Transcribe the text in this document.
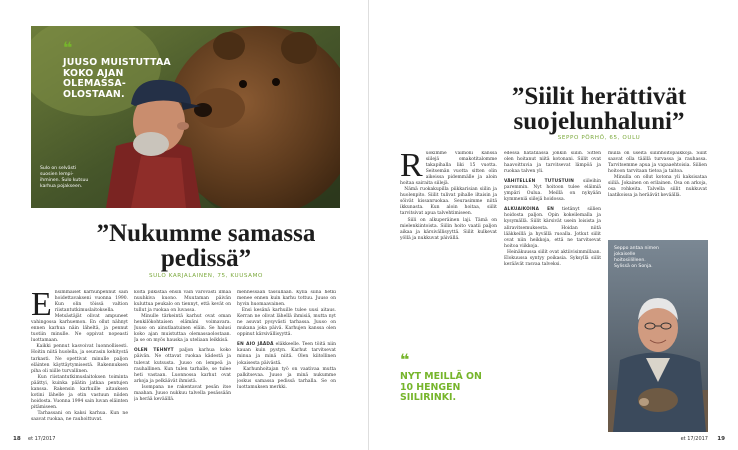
❝
JUUSO MUISTUTTAA KOKO AJAN OLEMASSA-OLOSTAAN.
Sulo on selvästi suosien lempi-ihminen. Sulo kutsuu karhua pojakseen.
”Nukumme samassa pedissä”
SULO KARJALAINEN, 75, KUUSAMO

E nsimmäiset karhunpennut sain hoidettavakseni vuonna 1990. Kun olin töissä valtion riistantutkimuslaitoksella. Metsästäjät olivat ampuneet vahingossa karhuemon. En ollut nähnyt ennen karhua näin läheltä, ja pennut tuotiin minulle. Ne oppivat nopeasti luottamaan.

Kaikki pennut kasvoivat luonnollisesti. Hoitin niitä huolella, ja seurasin kehitystä tarkasti. Ne opettivat minulle paljon eläinten käyttäytymisestä. Rakennuksen piha oli niille turvallinen.

Kun riistantutkimuslaitoksen toiminta päättyi, kuinka päätin jatkaa pentujen kanssa. Rakensin karhuille aitauksen kotini lähelle ja otin vastuun niiden hoidosta. Vuonna 1994 sain luvan eläinten pitämiseen.

Tarhassani on kaksi karhua. Kun ne saavat ruokaa, ne rauhoittuvat.

kolta pilkistää ensin vain varovasti ilmaa nuuhkiva kuono. Muutaman päivän kuluttua peukalo on tiennyt, että kevät on tullut ja ruokaa on luvassa.

Minulle tärkeintä karhut ovat oman henkilökohtaisen elämäni voimavara. Juuso on ainutlaatuinen eläin. Se halusi koko ajan muistuttaa olemassaolostaan. Ja se on myös hauska ja uteliaan leikkisä.

OLEN TEHNYT paljon karhua koko päivän. Ne ottavat ruokaa kädestä ja tulevat kutsusta. Juuso on lempeä ja rauhallinen. Kun tulen tarhalle, se tulee heti vastaan. Luonnossa karhut ovat arkoja ja pelkäävät ihmistä.

Isompana ne rakentavat pesän itse maahan. Juuso nukkuu talvella pesässään ja herää keväällä.

mennessään tassullaan. Kyllä siinä hetki menee ennen kuin karhu tottuu. Juuso on hyvin huomaavainen.

Ensi kesänä karhuille tulee uusi aitaus. Kerran ne olivat lähellä ihmisiä, mutta nyt ne asuvat pysyvästi tarhassa. Juuso on mukana joka päivä. Karhujen kanssa olen oppinut kärsivällisyyttä.

EN AIO JÄÄDÄ eläkkeelle. Teen töitä niin kauan kuin pystyn. Karhut tarvitsevat minua ja minä niitä. Olen kiitollinen jokaisesta päivästä.

Karhunhoitajan työ on vaativaa mutta palkitsevaa. Juuso ja minä nukumme joskus samassa pedissä tarhalla. Se on luottamuksen merkki.

18 et 17/2017
”Siilit herättivät suojelunhaluni”
SEPPO PÖRHÖ, 65, OULU

R uokimme vaimoni kanssa siilejä omakotitalomme takapihalla liki 15 vuotta. Seitsemän vuotta sitten olin aikeissa pidemmälle ja aloin hoitaa sairaita siilejä.

Nämä ruokakupilla piikkarisian siilin ja huolenpito. Siilit tulivat pihalle iltaisin ja söivät kissanruokaa. Seurasimme niitä ikkunasta. Kun aloin hoitaa, siilit tarvitsivat apua talvehtimiseen.

Siili on alkuperäinen laji. Tämä on mielenkiintoista. Siilin hoito vaatii paljon aikaa ja kärsivällisyyttä. Siilit kulkevat yöllä ja nukkuvat päivällä.

❝
NYT MEILLÄ ON 10 HENGEN SIILIRINKI.

edessä hätätilassa jonkin siilin. Sitten olen hoitanut niitä kotonani. Siilit ovat haavoittuvia ja tarvitsevat lämpöä ja ruokaa talven yli.

VÄHITELLEN TUTUSTUIN siileihin paremmin. Nyt hoitoon tulee eläimiä ympäri Oulua. Meillä on nykyään kymmeniä siilejä hoidossa.

ALKUAIKOINA EN tietänyt siilien hoidosta paljon. Opin kokeilemalla ja kysymällä. Siilit kärsivät usein loisista ja aliravitsemuksesta. Hoidan niitä lääkkeillä ja hyvällä ruoalla. Jotkut siilit ovat niin heikkoja, että ne tarvitsevat hoitoa viikkoja.

Heinäkuussa siilit ovat aktiivisimmillaan. Elokuussa syntyy poikasia. Syksyllä siilit keräävät rasvaa talveksi.

mulla on useita siilinhoitopaikkoja. Siilit saavat olla täällä turvassa ja rauhassa. Tarvitsemme apua ja vapaaehtoisia. Siilien hoitoon tarvitaan tietoa ja taitoa.

Minulla on ollut kotona yli kaksisataa siiliä. Jokainen on erilainen. Osa on arkoja, osa rohkeita. Talvella siilit nukkuvat laatikoissa ja heräävät keväällä.

Seppo antaa nimen jokaiselle hoitosiililleen. Sylissä on Sonja.
et 17/2017 19
